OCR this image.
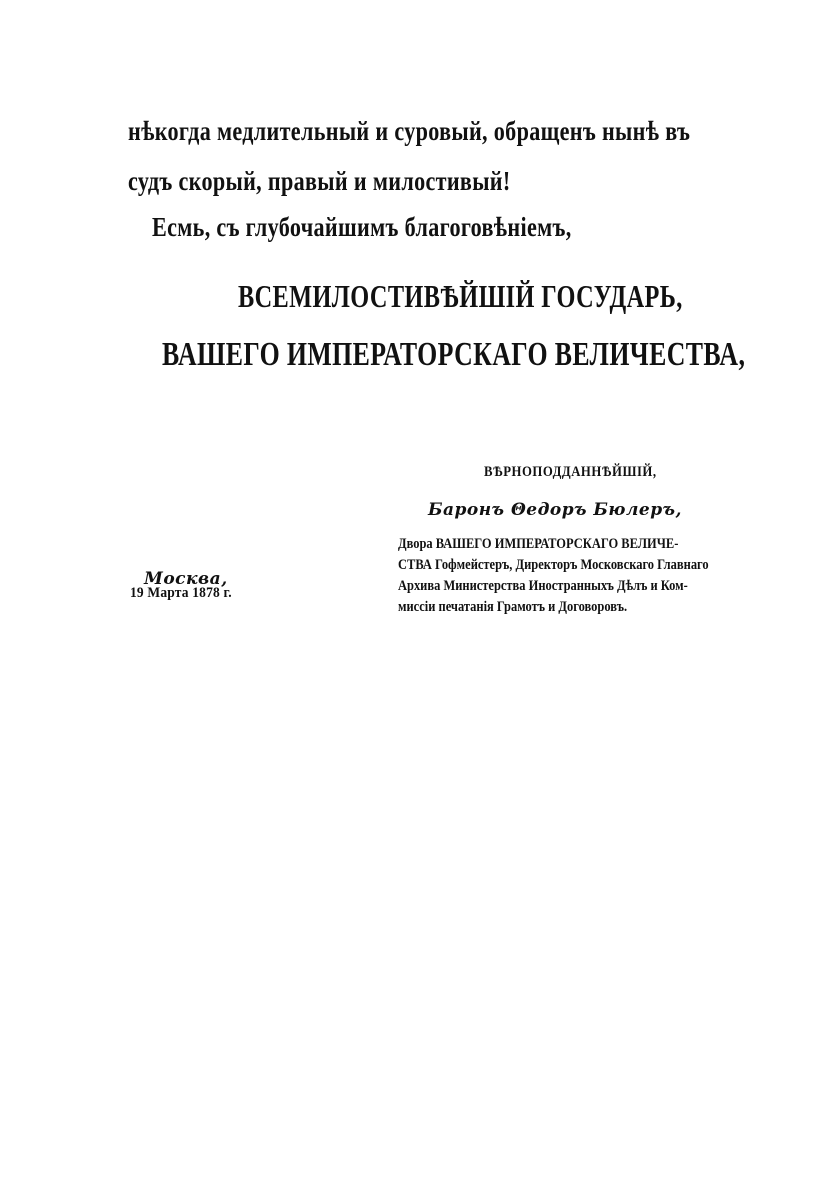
нѣкогда медлительный и суровый, обращенъ нынѣ въ
судъ скорый, правый и милостивый!
Есмь, съ глубочайшимъ благоговѣніемъ,
ВСЕМИЛОСТИВѢЙШІЙ ГОСУДАРЬ,
ВАШЕГО ИМПЕРАТОРСКАГО ВЕЛИЧЕСТВА,
ВѢРНОПОДДАННѢЙШІЙ,
Баронъ Θедоръ Бюлеръ,
Двора ВАШЕГО ИМПЕРАТОРСКАГО ВЕЛИЧЕ-
СТВА Гофмейстеръ, Директоръ Московскаго Главнаго
Архива Министерства Иностранныхъ Дѣлъ и Ком-
миссіи печатанія Грамотъ и Договоровъ.
Москва,
19 Марта 1878 г.
